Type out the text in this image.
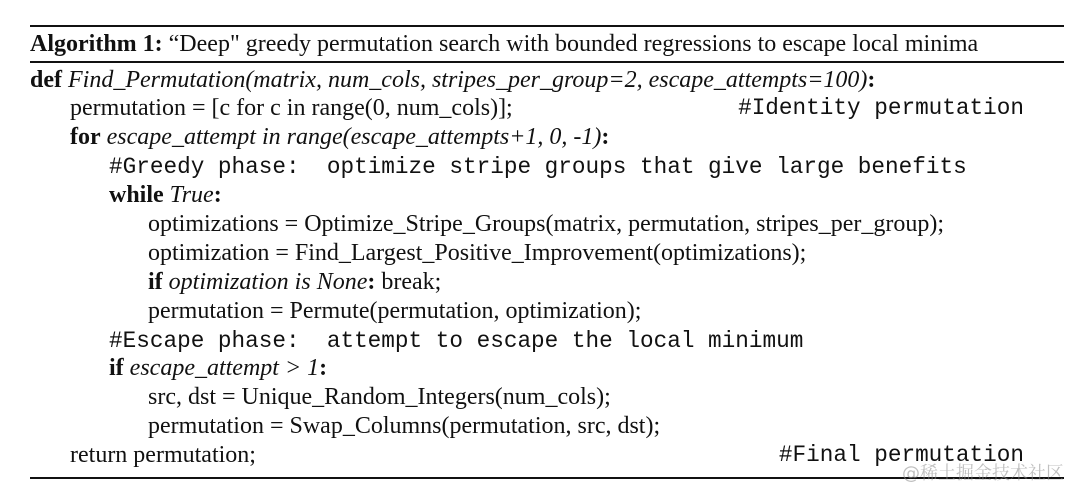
Algorithm 1: “Deep" greedy permutation search with bounded regressions to escape local minima
def Find_Permutation(matrix, num_cols, stripes_per_group=2, escape_attempts=100):
permutation = [c for c in range(0, num_cols)];	#Identity permutation
for escape_attempt in range(escape_attempts+1, 0, -1):
#Greedy phase:  optimize stripe groups that give large benefits
while True:
optimizations = Optimize_Stripe_Groups(matrix, permutation, stripes_per_group);
optimization = Find_Largest_Positive_Improvement(optimizations);
if optimization is None: break;
permutation = Permute(permutation, optimization);
#Escape phase:  attempt to escape the local minimum
if escape_attempt > 1:
src, dst = Unique_Random_Integers(num_cols);
permutation = Swap_Columns(permutation, src, dst);
return permutation;	#Final permutation
@稀土掘金技术社区
